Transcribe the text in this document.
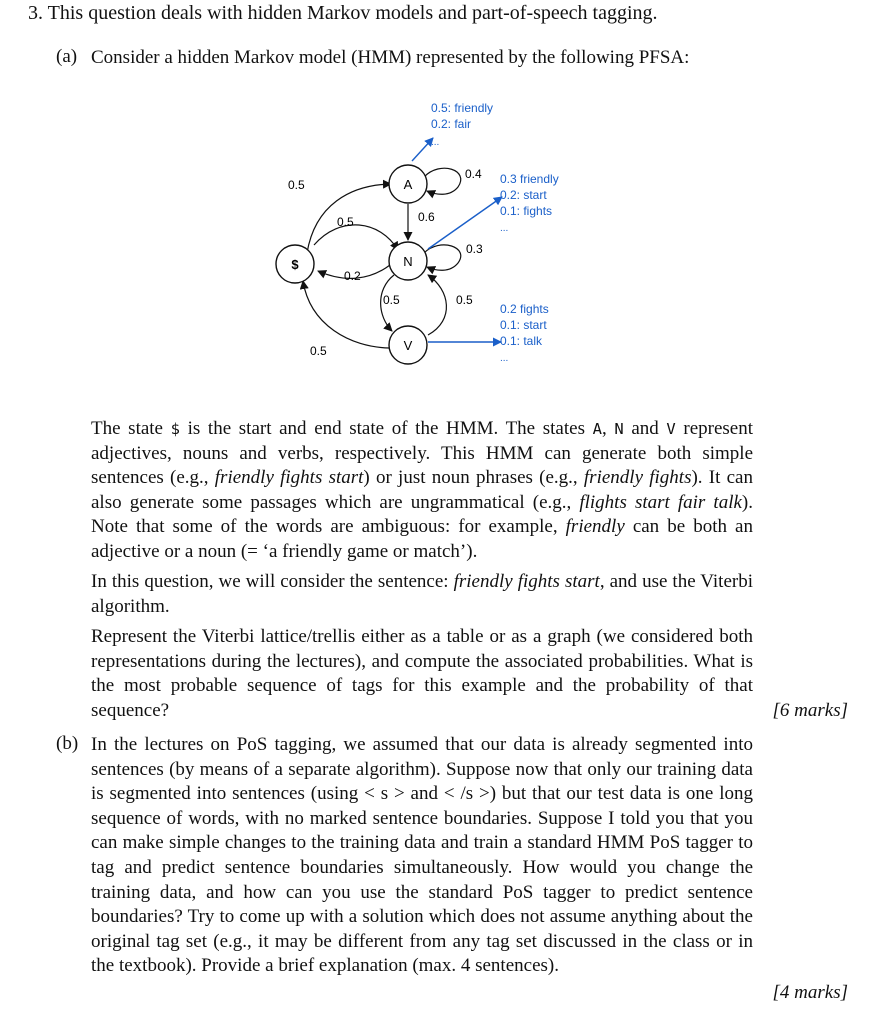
3. This question deals with hidden Markov models and part-of-speech tagging.
(a) Consider a hidden Markov model (HMM) represented by the following PFSA:
A
N
V
$
0.5
0.5
0.2
0.5
0.4
0.6
0.3
0.5	0.5
0.5: friendly
0.2: fair
...
0.3 friendly
0.2: start
0.1: fights
...
0.2 fights
0.1: start
0.1: talk
...
The state $ is the start and end state of the HMM. The states A, N and V represent adjectives, nouns and verbs, respectively. This HMM can generate both simple sentences (e.g., friendly fights start) or just noun phrases (e.g., friendly fights). It can also generate some passages which are ungrammatical (e.g., flights start fair talk). Note that some of the words are ambiguous: for example, friendly can be both an adjective or a noun (= ‘a friendly game or match’).
In this question, we will consider the sentence: friendly fights start, and use the Viterbi algorithm.
Represent the Viterbi lattice/trellis either as a table or as a graph (we considered both representations during the lectures), and compute the associated probabilities. What is the most probable sequence of tags for this example and the probability of that sequence?	[6 marks]
(b) In the lectures on PoS tagging, we assumed that our data is already segmented into sentences (by means of a separate algorithm). Suppose now that only our training data is segmented into sentences (using < s > and < /s >) but that our test data is one long sequence of words, with no marked sentence boundaries. Suppose I told you that you can make simple changes to the training data and train a standard HMM PoS tagger to tag and predict sentence boundaries simultaneously. How would you change the training data, and how can you use the standard PoS tagger to predict sentence boundaries? Try to come up with a solution which does not assume anything about the original tag set (e.g., it may be different from any tag set discussed in the class or in the textbook). Provide a brief explanation (max. 4 sentences).
[4 marks]
